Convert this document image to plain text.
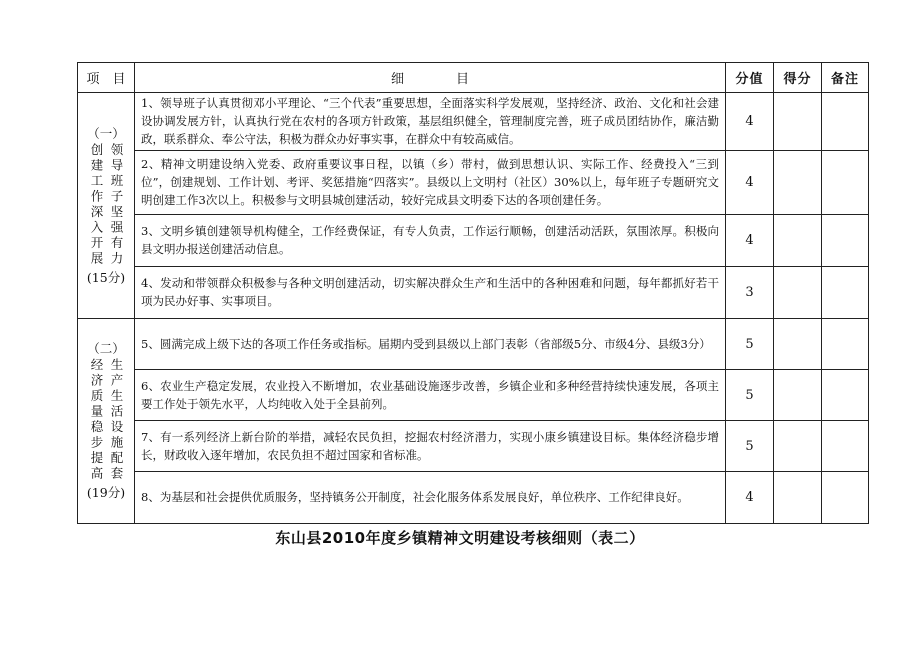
项　目	细　　　　目	分值	得分	备注

（一）
领导班子坚强有力
创建工作深入开展
(15分)	1、领导班子认真贯彻邓小平理论、“三个代表”重要思想，全面落实科学发展观，坚持经济、政治、文化和社会建设协调发展方针，认真执行党在农村的各项方针政策，基层组织健全，管理制度完善，班子成员团结协作，廉洁勤政，联系群众、奉公守法，积极为群众办好事实事，在群众中有较高威信。	4		
	2、精神文明建设纳入党委、政府重要议事日程，以镇（乡）带村，做到思想认识、实际工作、经费投入“三到位”，创建规划、工作计划、考评、奖惩措施“四落实”。县级以上文明村（社区）30%以上，每年班子专题研究文明创建工作3次以上。积极参与文明县城创建活动，较好完成县文明委下达的各项创建任务。	4		
	3、文明乡镇创建领导机构健全，工作经费保证，有专人负责，工作运行顺畅，创建活动活跃，氛围浓厚。积极向县文明办报送创建活动信息。	4		
	4、发动和带领群众积极参与各种文明创建活动，切实解决群众生产和生活中的各种困难和问题，每年都抓好若干项为民办好事、实事项目。	3		

（二）
生产生活设施配套
经济质量稳步提高
(19分)	5、圆满完成上级下达的各项工作任务或指标。届期内受到县级以上部门表彰（省部级5分、市级4分、县级3分）	5		
	6、农业生产稳定发展，农业投入不断增加，农业基础设施逐步改善，乡镇企业和多种经营持续快速发展，各项主要工作处于领先水平，人均纯收入处于全县前列。	5		
	7、有一系列经济上新台阶的举措，减轻农民负担，挖掘农村经济潜力，实现小康乡镇建设目标。集体经济稳步增长，财政收入逐年增加，农民负担不超过国家和省标准。	5		
	8、为基层和社会提供优质服务，坚持镇务公开制度，社会化服务体系发展良好，单位秩序、工作纪律良好。	4		
东山县2010年度乡镇精神文明建设考核细则（表二）
